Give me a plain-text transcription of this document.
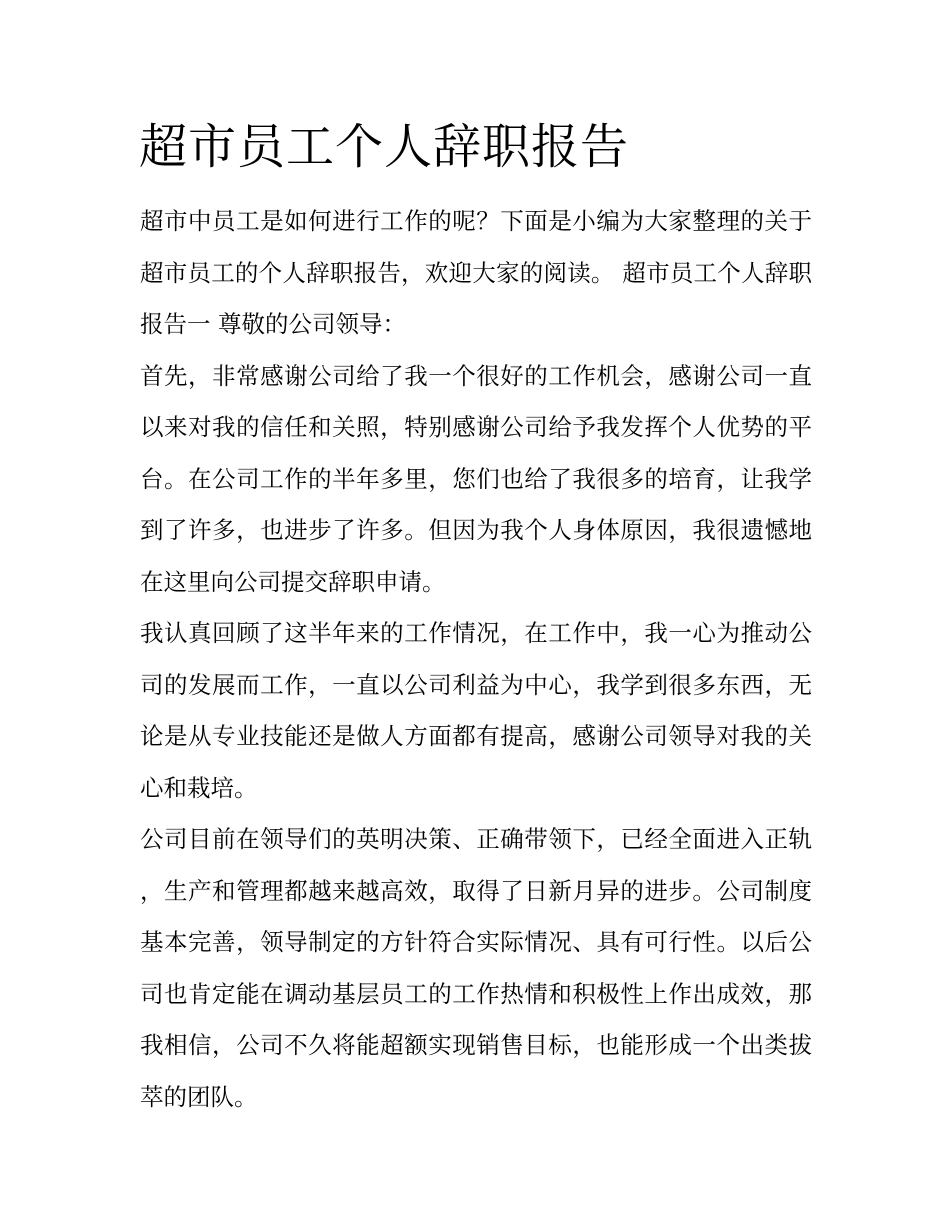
超市员工个人辞职报告

超市中员工是如何进行工作的呢？下面是小编为大家整理的关于超市员工的个人辞职报告，欢迎大家的阅读。 超市员工个人辞职报告一 尊敬的公司领导：

首先，非常感谢公司给了我一个很好的工作机会，感谢公司一直以来对我的信任和关照，特别感谢公司给予我发挥个人优势的平台。在公司工作的半年多里，您们也给了我很多的培育，让我学到了许多，也进步了许多。但因为我个人身体原因，我很遗憾地在这里向公司提交辞职申请。

我认真回顾了这半年来的工作情况，在工作中，我一心为推动公司的发展而工作，一直以公司利益为中心，我学到很多东西，无论是从专业技能还是做人方面都有提高，感谢公司领导对我的关心和栽培。

公司目前在领导们的英明决策、正确带领下，已经全面进入正轨，生产和管理都越来越高效，取得了日新月异的进步。公司制度基本完善，领导制定的方针符合实际情况、具有可行性。以后公司也肯定能在调动基层员工的工作热情和积极性上作出成效，那我相信，公司不久将能超额实现销售目标，也能形成一个出类拔萃的团队。
